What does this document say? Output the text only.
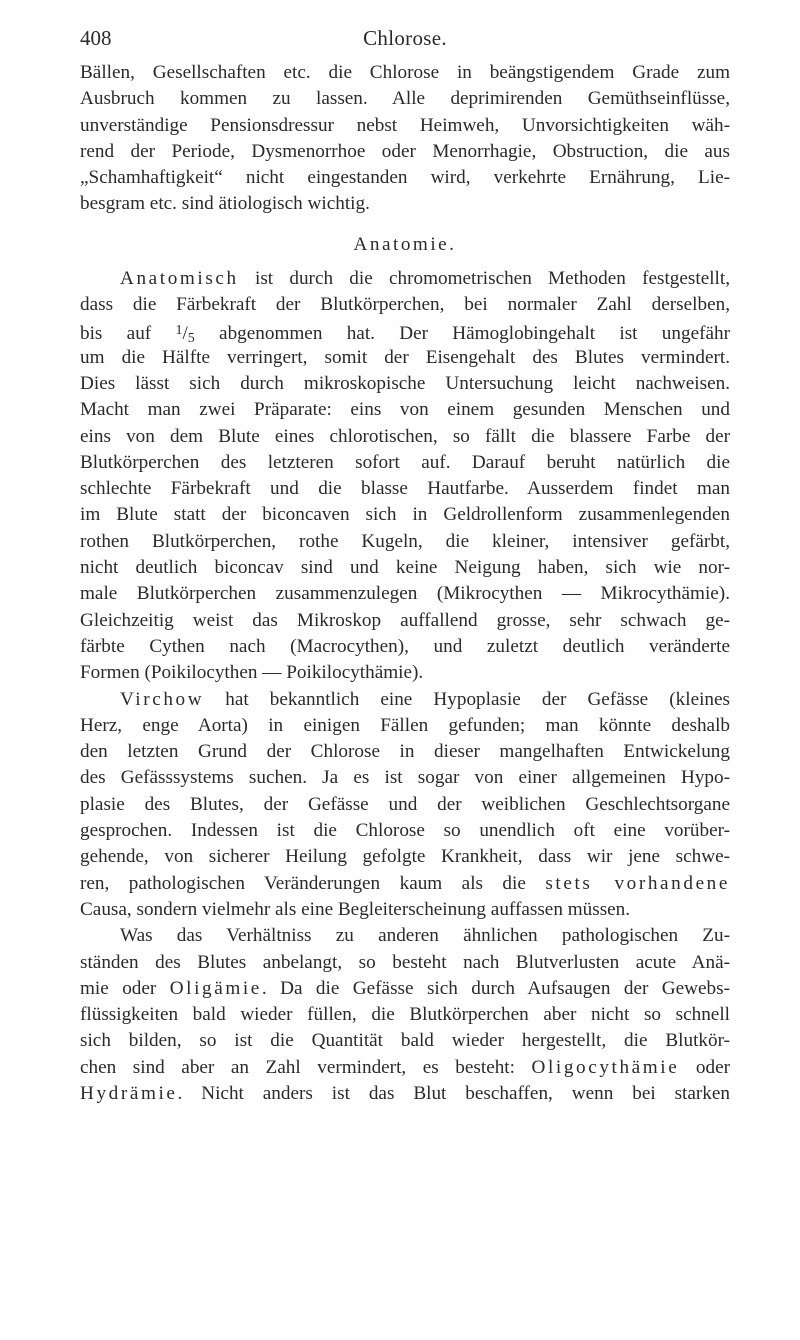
408	Chlorose.
Bällen, Gesellschaften etc. die Chlorose in beängstigendem Grade zum
Ausbruch kommen zu lassen. Alle deprimirenden Gemüthseinflüsse,
unverständige Pensionsdressur nebst Heimweh, Unvorsichtigkeiten wäh-
rend der Periode, Dysmenorrhoe oder Menorrhagie, Obstruction, die aus
„Schamhaftigkeit“ nicht eingestanden wird, verkehrte Ernährung, Lie-
besgram etc. sind ätiologisch wichtig.
Anatomie.
Anatomisch ist durch die chromometrischen Methoden festgestellt,
dass die Färbekraft der Blutkörperchen, bei normaler Zahl derselben,
bis auf $^1$/5 abgenommen hat. Der Hämoglobingehalt ist ungefähr
um die Hälfte verringert, somit der Eisengehalt des Blutes vermindert.
Dies lässt sich durch mikroskopische Untersuchung leicht nachweisen.
Macht man zwei Präparate: eins von einem gesunden Menschen und
eins von dem Blute eines chlorotischen, so fällt die blassere Farbe der
Blutkörperchen des letzteren sofort auf. Darauf beruht natürlich die
schlechte Färbekraft und die blasse Hautfarbe. Ausserdem findet man
im Blute statt der biconcaven sich in Geldrollenform zusammenlegenden
rothen Blutkörperchen, rothe Kugeln, die kleiner, intensiver gefärbt,
nicht deutlich biconcav sind und keine Neigung haben, sich wie nor-
male Blutkörperchen zusammenzulegen (Mikrocythen — Mikrocythämie).
Gleichzeitig weist das Mikroskop auffallend grosse, sehr schwach ge-
färbte Cythen nach (Macrocythen), und zuletzt deutlich veränderte
Formen (Poikilocythen — Poikilocythämie).
Virchow hat bekanntlich eine Hypoplasie der Gefässe (kleines
Herz, enge Aorta) in einigen Fällen gefunden; man könnte deshalb
den letzten Grund der Chlorose in dieser mangelhaften Entwickelung
des Gefässsystems suchen. Ja es ist sogar von einer allgemeinen Hypo-
plasie des Blutes, der Gefässe und der weiblichen Geschlechtsorgane
gesprochen. Indessen ist die Chlorose so unendlich oft eine vorüber-
gehende, von sicherer Heilung gefolgte Krankheit, dass wir jene schwe-
ren, pathologischen Veränderungen kaum als die stets vorhandene
Causa, sondern vielmehr als eine Begleiterscheinung auffassen müssen.
Was das Verhältniss zu anderen ähnlichen pathologischen Zu-
ständen des Blutes anbelangt, so besteht nach Blutverlusten acute Anä-
mie oder Oligämie. Da die Gefässe sich durch Aufsaugen der Gewebs-
flüssigkeiten bald wieder füllen, die Blutkörperchen aber nicht so schnell
sich bilden, so ist die Quantität bald wieder hergestellt, die Blutkör-
chen sind aber an Zahl vermindert, es besteht: Oligocythämie oder
Hydrämie. Nicht anders ist das Blut beschaffen, wenn bei starken
